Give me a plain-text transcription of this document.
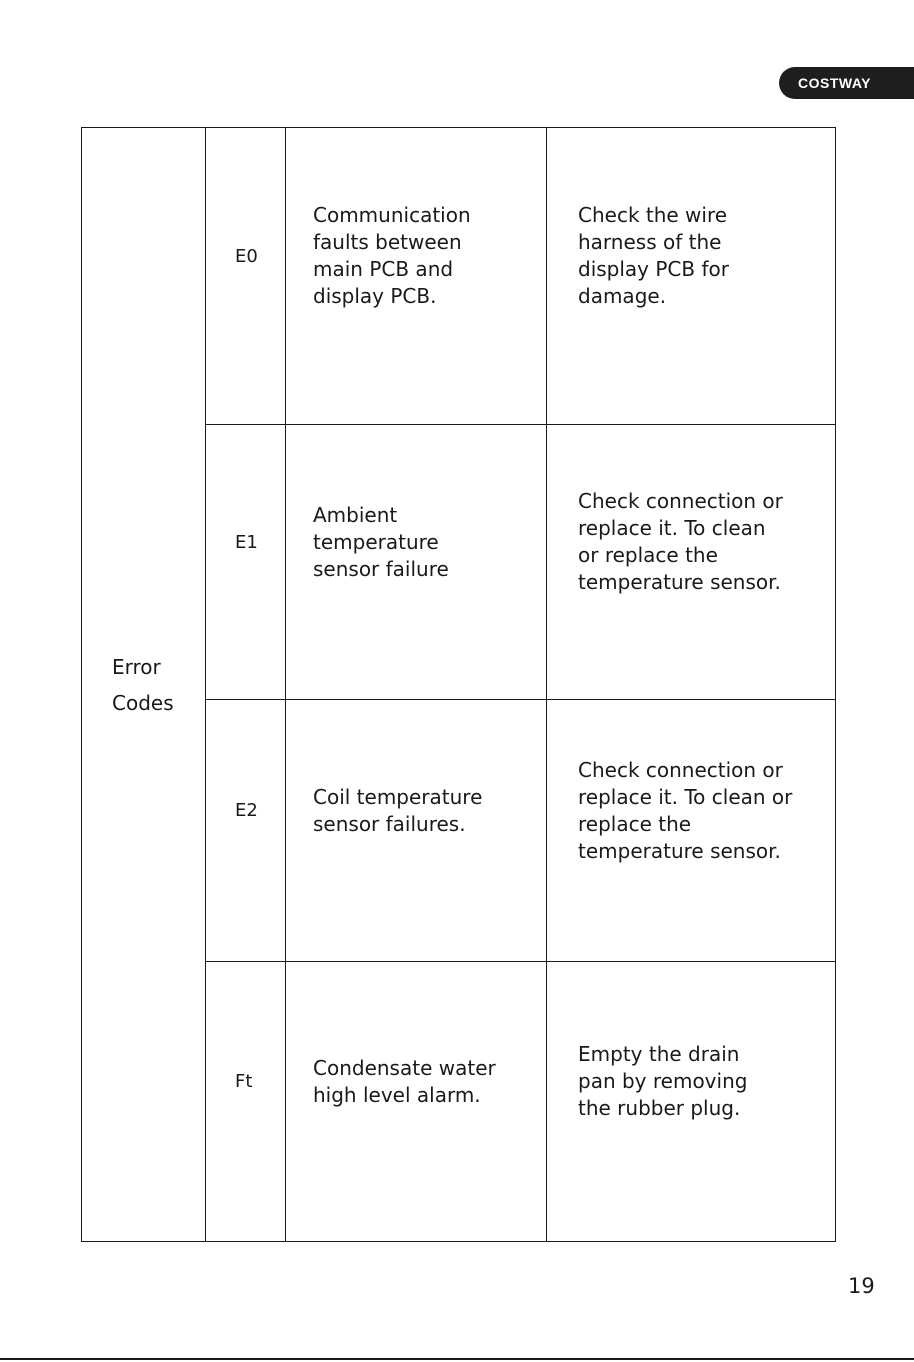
COSTWAY
Error
Codes	E0	Communication
faults between
main PCB and
display PCB.	Check the wire
harness of the
display PCB for
damage.

	E1	Ambient
temperature
sensor failure	Check connection or
replace it. To clean
or replace the
temperature sensor.

	E2	Coil temperature
sensor failures.	Check connection or
replace it. To clean or
replace the
temperature sensor.

	Ft	Condensate water
high level alarm.	Empty the drain
pan by removing
the rubber plug.
19
